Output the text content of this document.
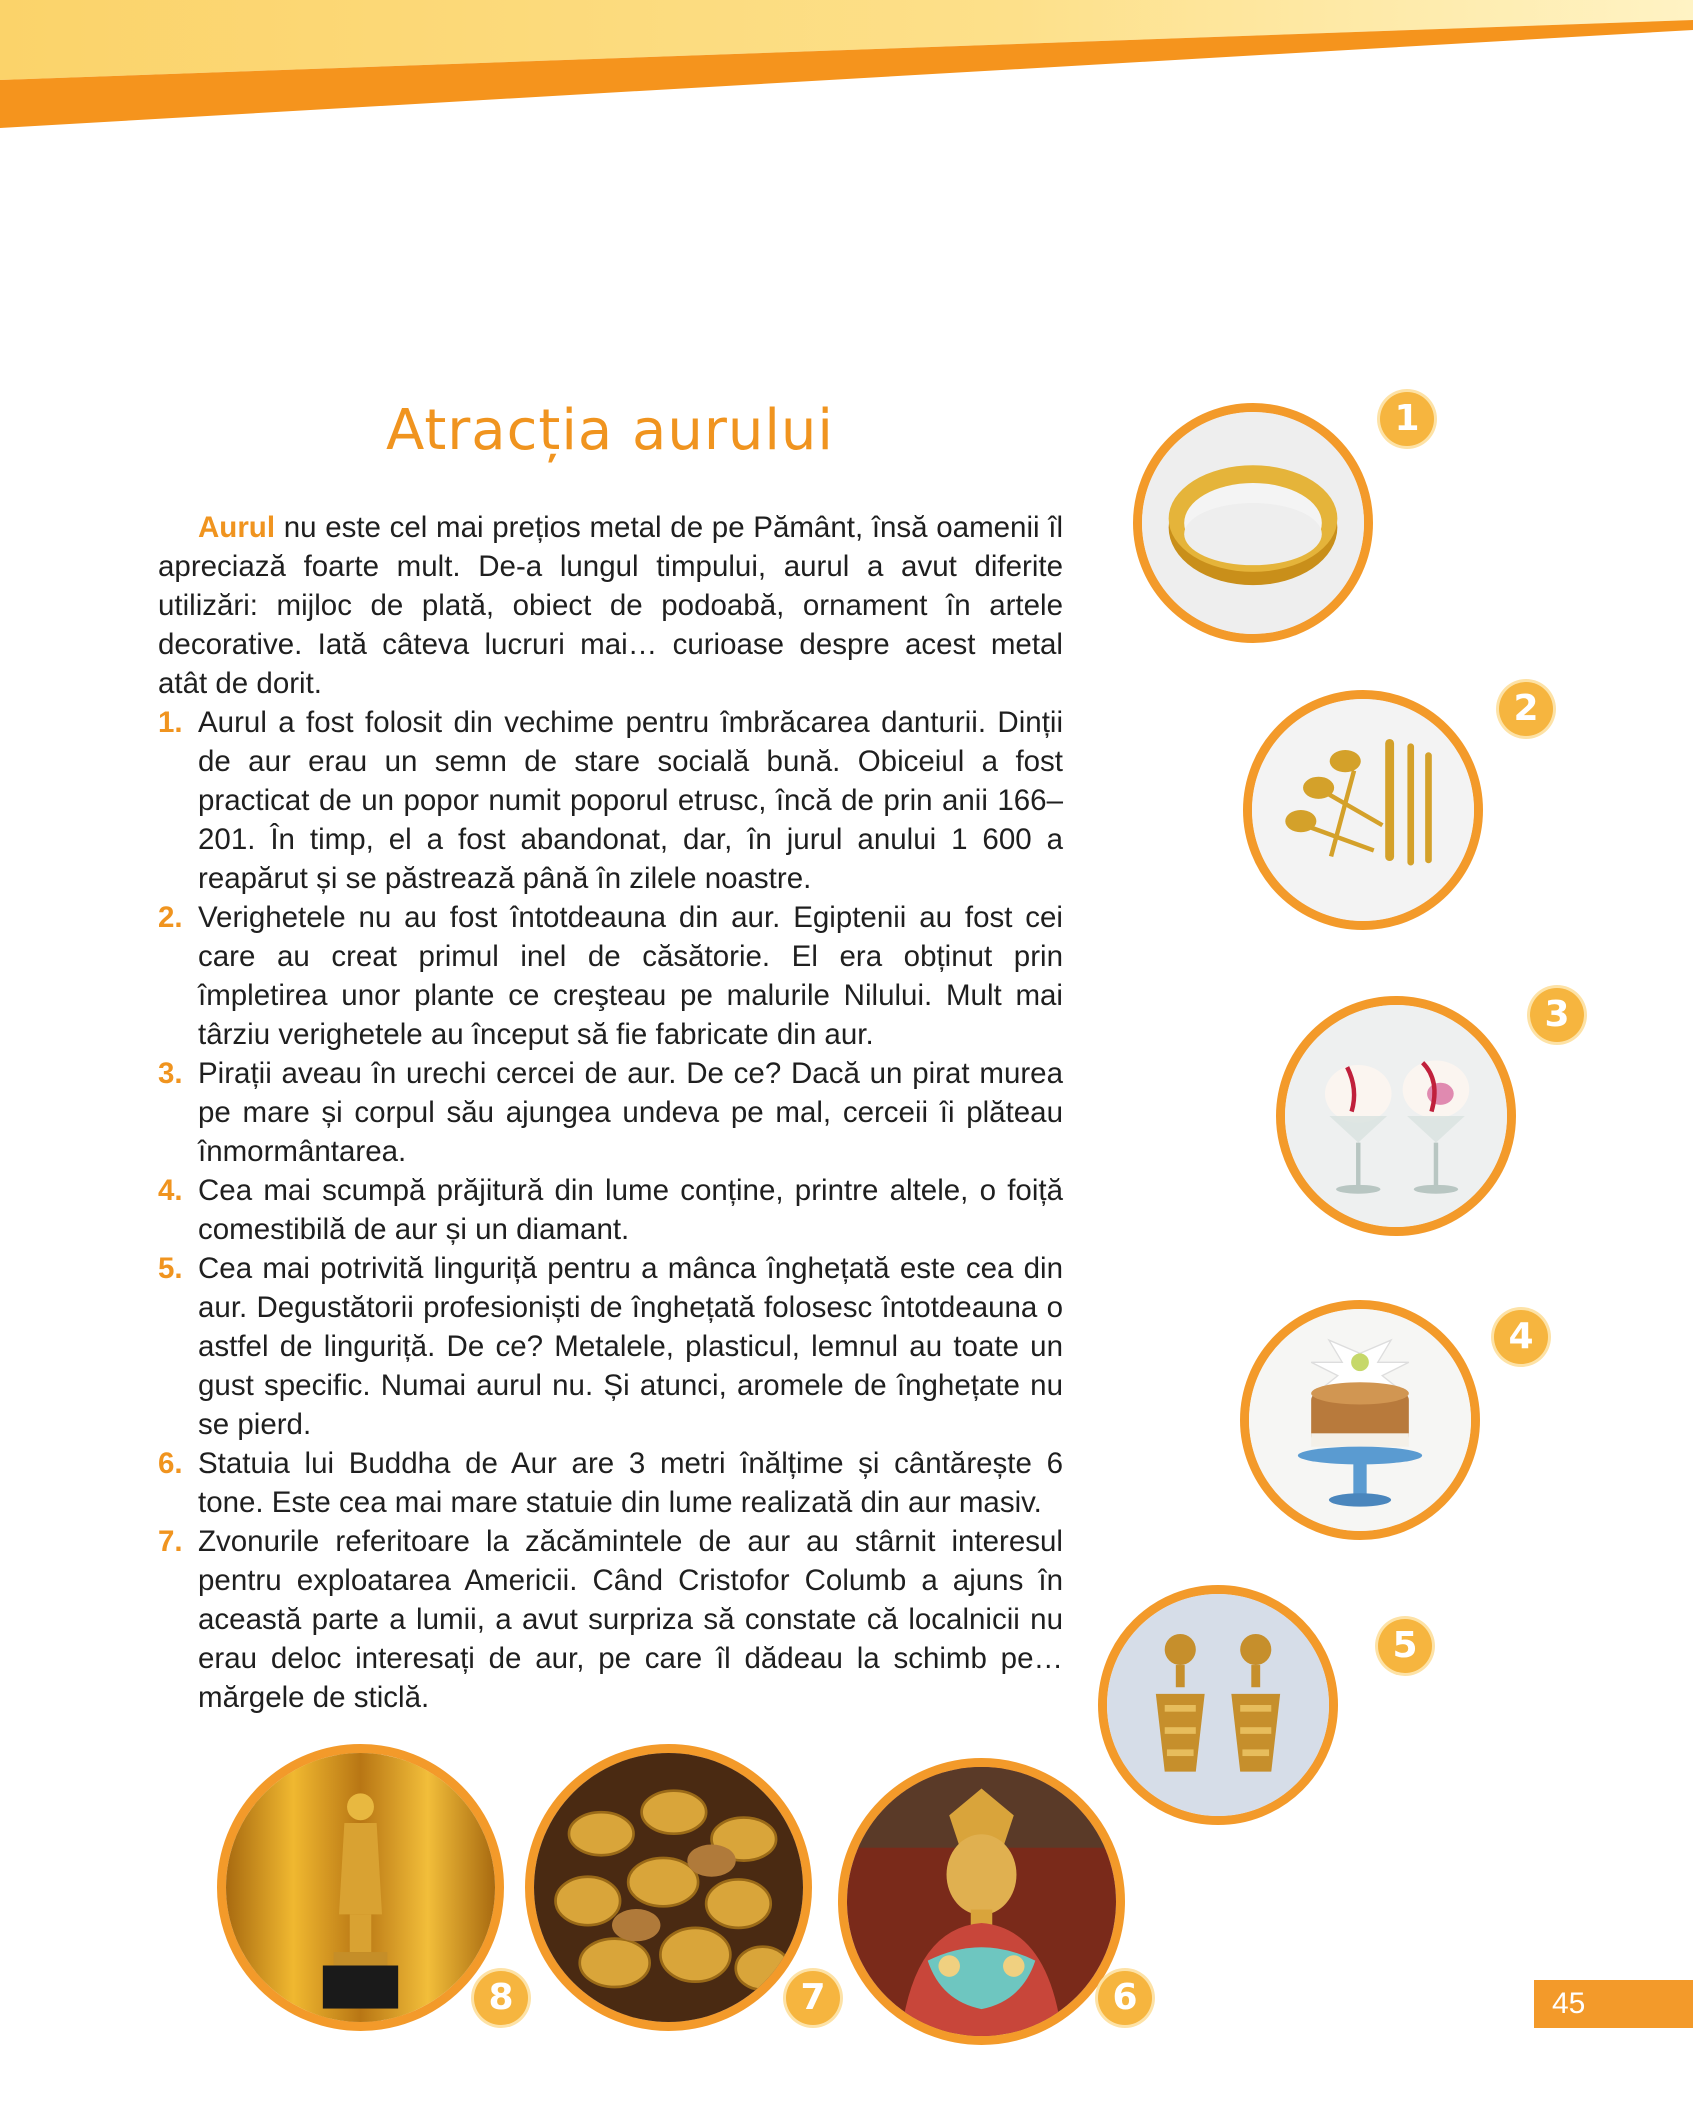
Atracția aurului

Aurul nu este cel mai prețios metal de pe Pământ, însă oamenii îl apreciază foarte mult. De-a lungul timpului, aurul a avut diferite utilizări: mijloc de plată, obiect de podoabă, ornament în artele decorative. Iată câteva lucruri mai… curioase despre acest metal atât de dorit.

1. Aurul a fost folosit din vechime pentru îmbrăcarea danturii. Dinții de aur erau un semn de stare socială bună. Obiceiul a fost practicat de un popor numit poporul etrusc, încă de prin anii 166–201. În timp, el a fost abandonat, dar, în jurul anului 1 600 a reapărut și se păstrează până în zilele noastre.
2. Verighetele nu au fost întotdeauna din aur. Egiptenii au fost cei care au creat primul inel de căsătorie. El era obținut prin împletirea unor plante ce creşteau pe malurile Nilului. Mult mai târziu verighetele au început să fie fabricate din aur.
3. Pirații aveau în urechi cercei de aur. De ce? Dacă un pirat murea pe mare și corpul său ajungea undeva pe mal, cerceii îi plăteau înmormântarea.
4. Cea mai scumpă prăjitură din lume conține, printre altele, o foiță comestibilă de aur și un diamant.
5. Cea mai potrivită linguriță pentru a mânca înghețată este cea din aur. Degustătorii profesioniști de înghețată folosesc întotdeauna o astfel de linguriță. De ce? Metalele, plasticul, lemnul au toate un gust specific. Numai aurul nu. Și atunci, aromele de înghețate nu se pierd.
6. Statuia lui Buddha de Aur are 3 metri înălțime și cântărește 6 tone. Este cea mai mare statuie din lume realizată din aur masiv.
7. Zvonurile referitoare la zăcămintele de aur au stârnit interesul pentru exploatarea Americii. Când Cristofor Columb a ajuns în această parte a lumii, a avut surpriza să constate că localnicii nu erau deloc interesați de aur, pe care îl dădeau la schimb pe… mărgele de sticlă.
1
2
3
4
5
6
7
8	45
